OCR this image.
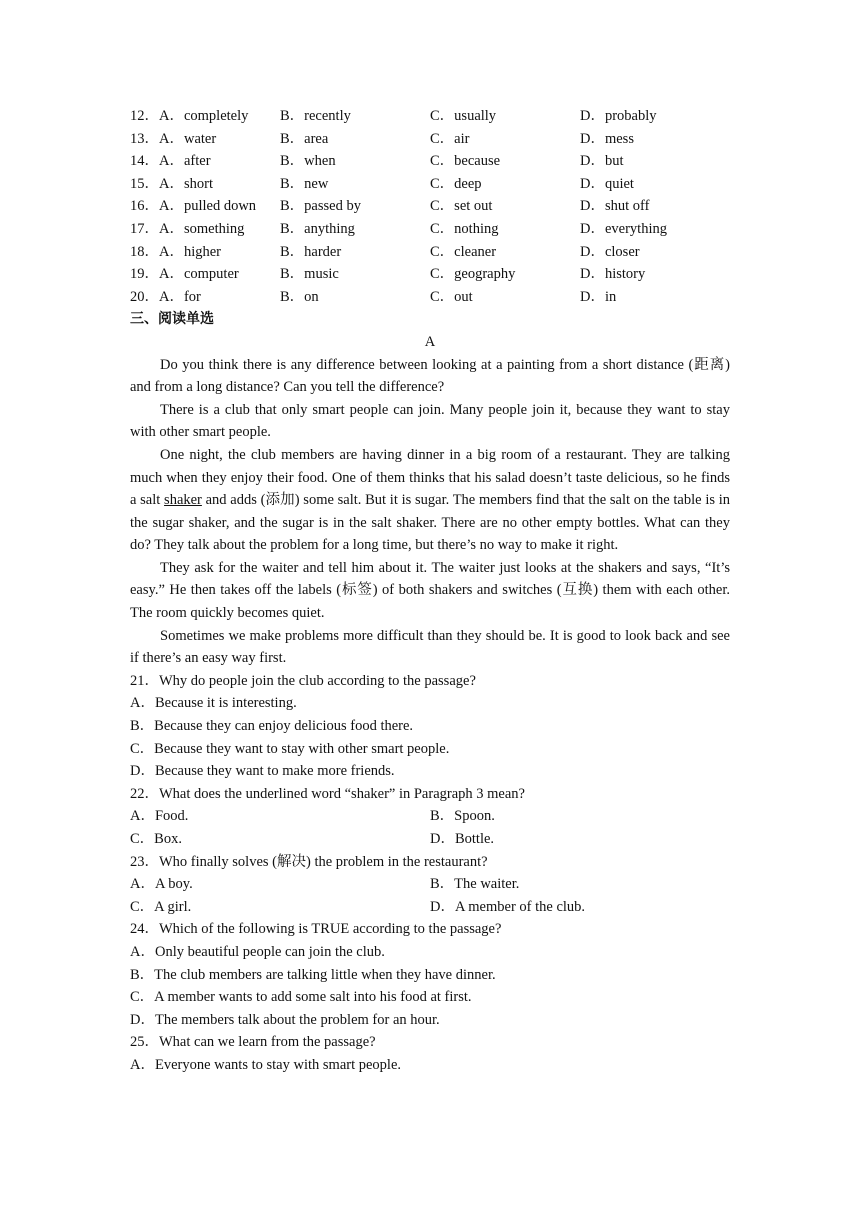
12．A．completely B．recently	C．usually	D．probably
13．A．water	B．area	C．air	D．mess
14．A．after	B．when	C．because	D．but
15．A．short	B．new	C．deep	D．quiet
16．A．pulled down B．passed by	C．set out	D．shut off
17．A．something B．anything	C．nothing	D．everything
18．A．higher	B．harder	C．cleaner	D．closer
19．A．computer	B．music	C．geography	D．history
20．A．for	B．on	C．out	D．in
三、阅读单选
A

Do you think there is any difference between looking at a painting from a short distance (距离) and from a long distance? Can you tell the difference?

There is a club that only smart people can join. Many people join it, because they want to stay with other smart people.

One night, the club members are having dinner in a big room of a restaurant. They are talking much when they enjoy their food. One of them thinks that his salad doesn’t taste delicious, so he finds a salt shaker and adds (添加) some salt. But it is sugar. The members find that the salt on the table is in the sugar shaker, and the sugar is in the salt shaker. There are no other empty bottles. What can they do? They talk about the problem for a long time, but there’s no way to make it right.

They ask for the waiter and tell him about it. The waiter just looks at the shakers and says, “It’s easy.” He then takes off the labels (标签) of both shakers and switches (互换) them with each other. The room quickly becomes quiet.

Sometimes we make problems more difficult than they should be. It is good to look back and see if there’s an easy way first.

21．Why do people join the club according to the passage?
A．Because it is interesting.
B．Because they can enjoy delicious food there.
C．Because they want to stay with other smart people.
D．Because they want to make more friends.
22．What does the underlined word “shaker” in Paragraph 3 mean?
A．Food.	B．Spoon.
C．Box.	D．Bottle.
23．Who finally solves (解决) the problem in the restaurant?
A．A boy.	B．The waiter.
C．A girl.	D．A member of the club.
24．Which of the following is TRUE according to the passage?
A．Only beautiful people can join the club.
B．The club members are talking little when they have dinner.
C．A member wants to add some salt into his food at first.
D．The members talk about the problem for an hour.
25．What can we learn from the passage?
A．Everyone wants to stay with smart people.
